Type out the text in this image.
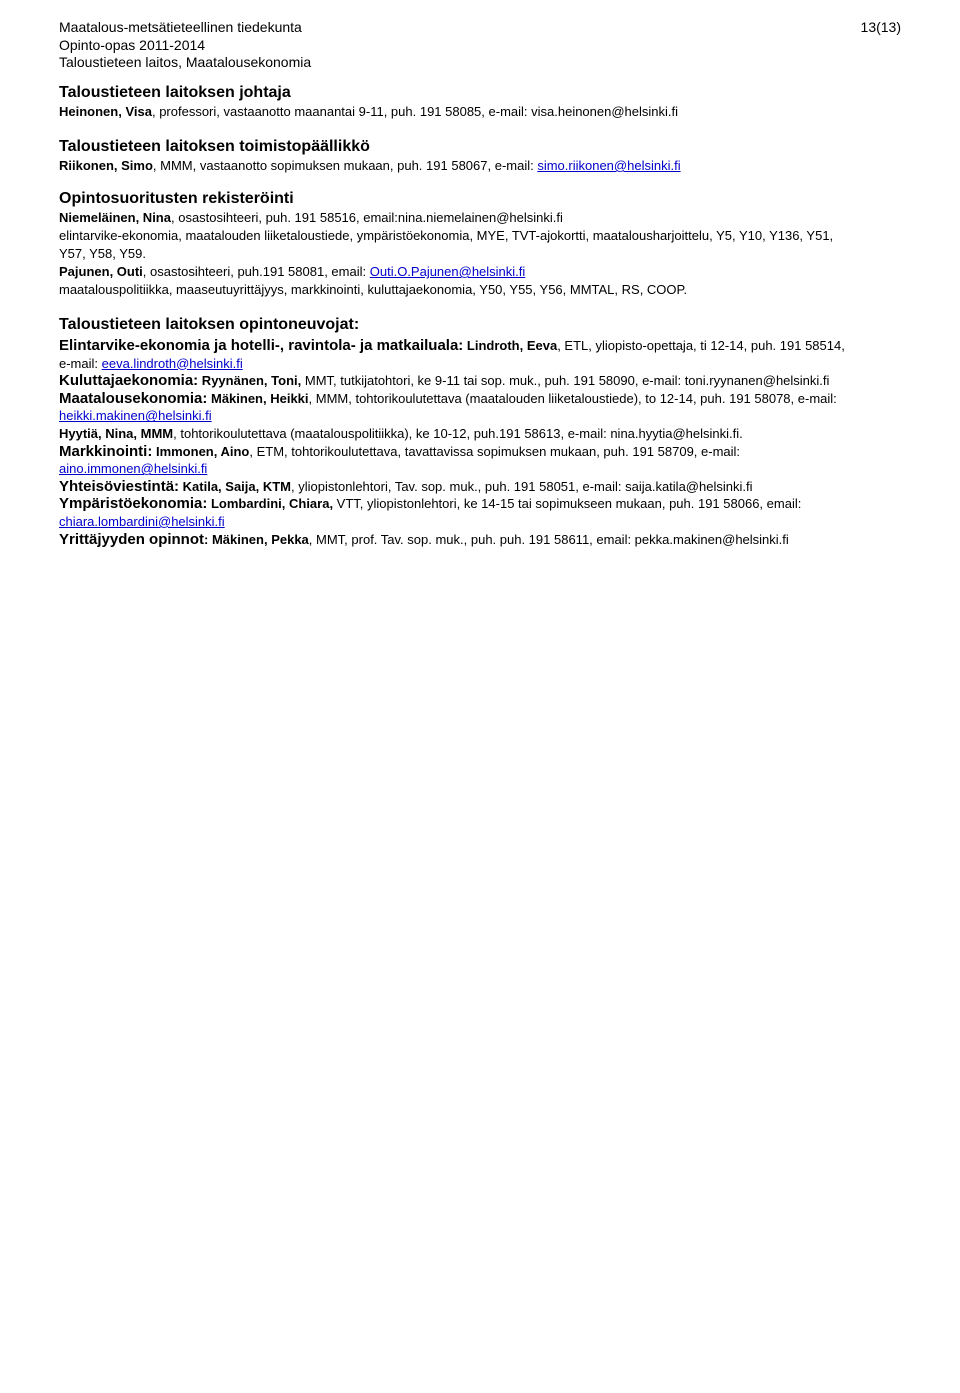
Maatalous-metsätieteellinen tiedekunta
Opinto-opas 2011-2014
Taloustieteen laitos, Maatalousekonomia
13(13)

Taloustieteen laitoksen johtaja

Heinonen, Visa, professori, vastaanotto maanantai 9-11, puh. 191 58085, e-mail: visa.heinonen@helsinki.fi

Taloustieteen laitoksen toimistopäällikkö

Riikonen, Simo, MMM, vastaanotto sopimuksen mukaan, puh. 191 58067, e-mail: simo.riikonen@helsinki.fi

Opintosuoritusten rekisteröinti

Niemeläinen, Nina, osastosihteeri, puh. 191 58516, email:nina.niemelainen@helsinki.fi

elintarvike-ekonomia, maatalouden liiketaloustiede, ympäristöekonomia, MYE, TVT-ajokortti, maatalousharjoittelu, Y5, Y10, Y136, Y51,

Y57, Y58, Y59.

Pajunen, Outi, osastosihteeri, puh.191 58081, email: Outi.O.Pajunen@helsinki.fi

maatalouspolitiikka, maaseutuyrittäjyys, markkinointi, kuluttajaekonomia, Y50, Y55, Y56, MMTAL, RS, COOP.

Taloustieteen laitoksen opintoneuvojat:

Elintarvike-ekonomia ja hotelli-, ravintola- ja matkailuala: Lindroth, Eeva, ETL, yliopisto-opettaja, ti 12-14, puh. 191 58514,

e-mail: eeva.lindroth@helsinki.fi

Kuluttajaekonomia: Ryynänen, Toni, MMT, tutkijatohtori, ke 9-11 tai sop. muk., puh. 191 58090, e-mail: toni.ryynanen@helsinki.fi

Maatalousekonomia: Mäkinen, Heikki, MMM, tohtorikoulutettava (maatalouden liiketaloustiede), to 12-14, puh. 191 58078, e-mail:

heikki.makinen@helsinki.fi

Hyytiä, Nina, MMM, tohtorikoulutettava (maatalouspolitiikka), ke 10-12, puh.191 58613, e-mail: nina.hyytia@helsinki.fi.

Markkinointi: Immonen, Aino, ETM, tohtorikoulutettava, tavattavissa sopimuksen mukaan, puh. 191 58709, e-mail:

aino.immonen@helsinki.fi

Yhteisöviestintä: Katila, Saija, KTM, yliopistonlehtori, Tav. sop. muk., puh. 191 58051, e-mail: saija.katila@helsinki.fi

Ympäristöekonomia: Lombardini, Chiara, VTT, yliopistonlehtori, ke 14-15 tai sopimukseen mukaan, puh. 191 58066, email:

chiara.lombardini@helsinki.fi

Yrittäjyyden opinnot: Mäkinen, Pekka, MMT, prof. Tav. sop. muk., puh. puh. 191 58611, email: pekka.makinen@helsinki.fi
